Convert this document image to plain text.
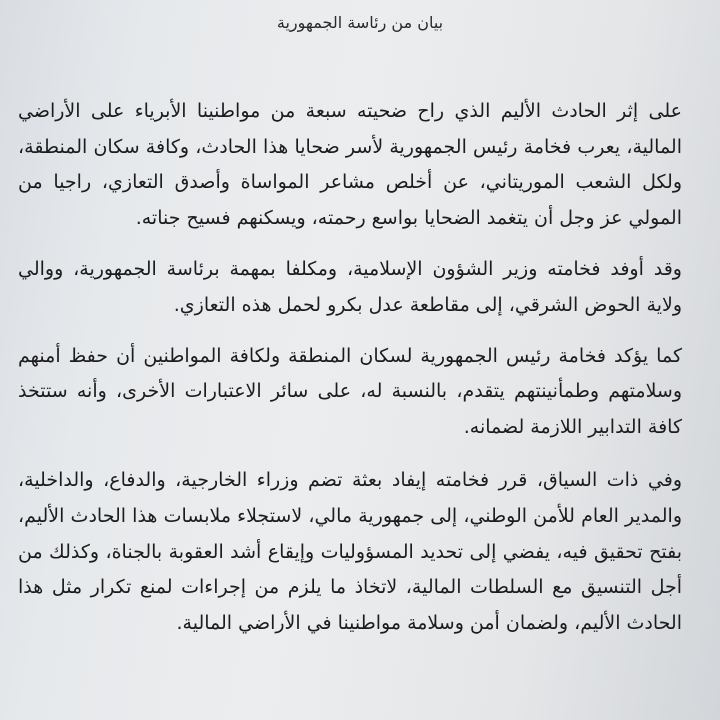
بيان من رئاسة الجمهورية

على إثر الحادث الأليم الذي راح ضحيته سبعة من مواطنينا الأبرياء على الأراضي المالية، يعرب فخامة رئيس الجمهورية لأسر ضحايا هذا الحادث، وكافة سكان المنطقة، ولكل الشعب الموريتاني، عن أخلص مشاعر المواساة وأصدق التعازي، راجيا من المولي عز وجل أن يتغمد الضحايا بواسع رحمته، ويسكنهم فسيح جناته.

وقد أوفد فخامته وزير الشؤون الإسلامية، ومكلفا بمهمة برئاسة الجمهورية، ووالي ولاية الحوض الشرقي، إلى مقاطعة عدل بكرو لحمل هذه التعازي.

كما يؤكد فخامة رئيس الجمهورية لسكان المنطقة ولكافة المواطنين أن حفظ أمنهم وسلامتهم وطمأنينتهم يتقدم، بالنسبة له، على سائر الاعتبارات الأخرى، وأنه ستتخذ كافة التدابير اللازمة لضمانه.

وفي ذات السياق، قرر فخامته إيفاد بعثة تضم وزراء الخارجية، والدفاع، والداخلية، والمدير العام للأمن الوطني، إلى جمهورية مالي، لاستجلاء ملابسات هذا الحادث الأليم، بفتح تحقيق فيه، يفضي إلى تحديد المسؤوليات وإيقاع أشد العقوبة بالجناة، وكذلك من أجل التنسيق مع السلطات المالية، لاتخاذ ما يلزم من إجراءات لمنع تكرار مثل هذا الحادث الأليم، ولضمان أمن وسلامة مواطنينا في الأراضي المالية.
